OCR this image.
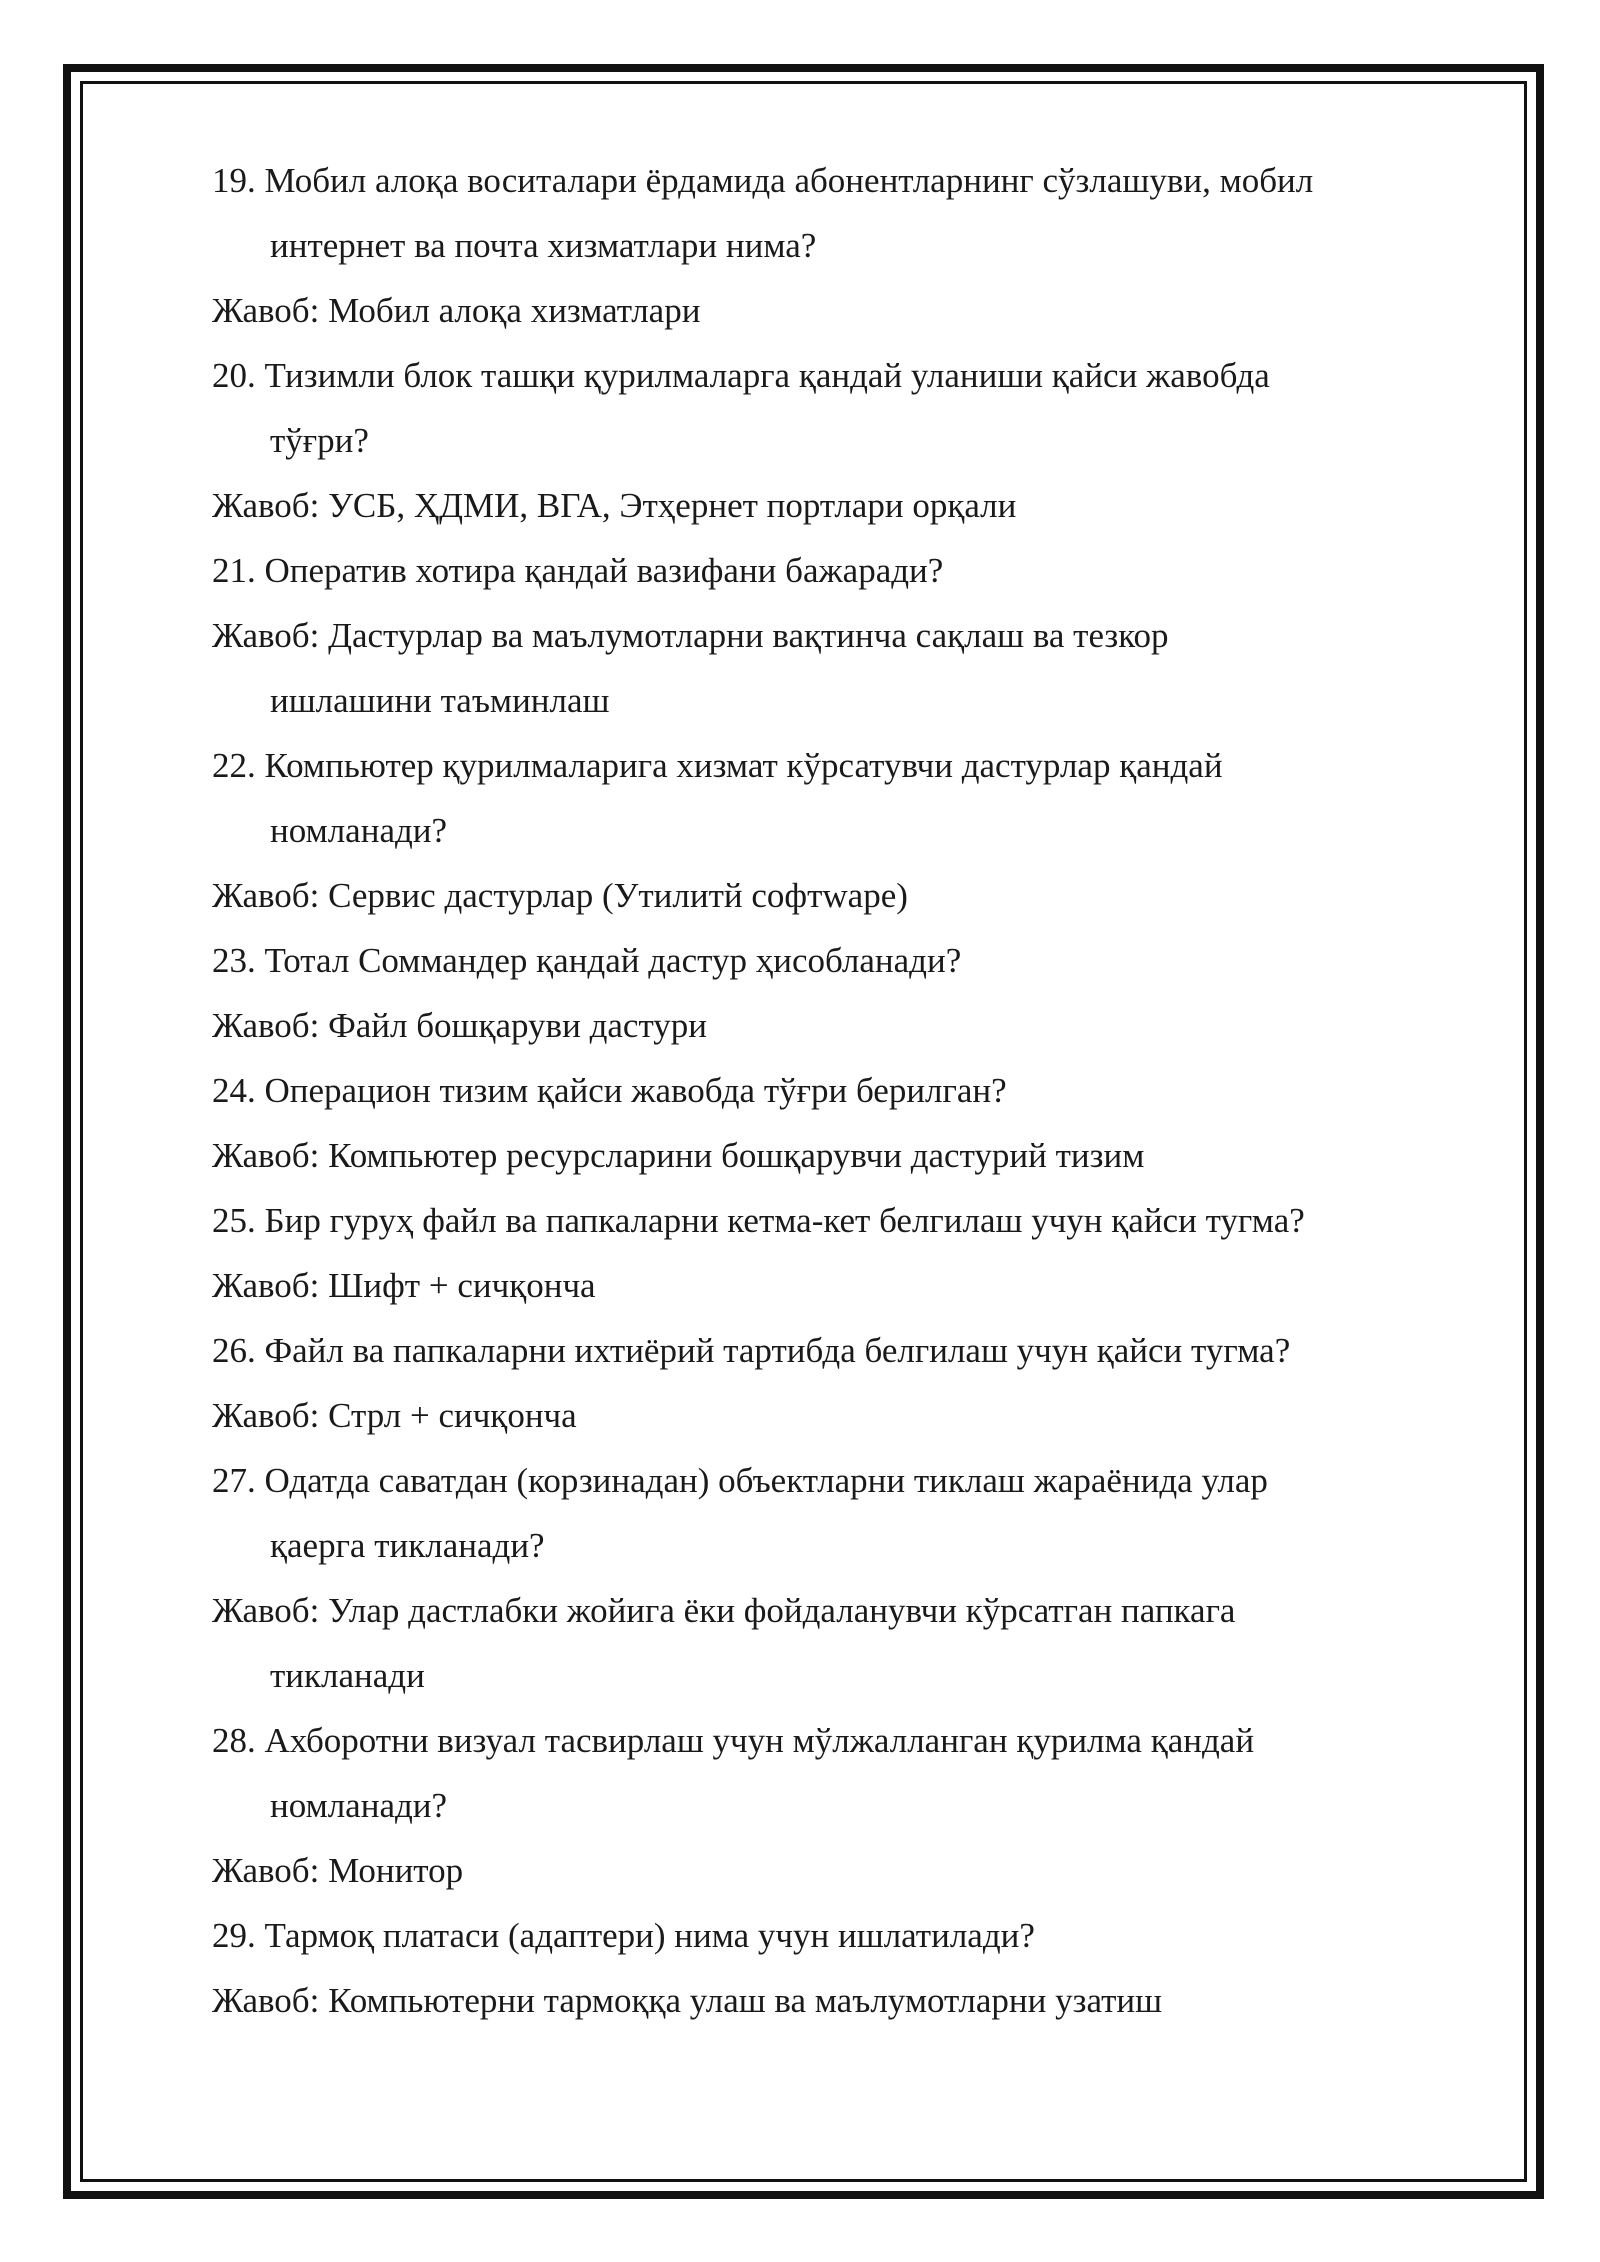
19. Мобил алоқа воситалари ёрдамида абонентларнинг сўзлашуви, мобил
интернет ва почта хизматлари нима?
Жавоб: Мобил алоқа хизматлари
20. Тизимли блок ташқи қурилмаларга қандай уланиши қайси жавобда
тўғри?
Жавоб: УСБ, ҲДМИ, ВГА, Этҳернет портлари орқали
21. Оператив хотира қандай вазифани бажаради?
Жавоб: Дастурлар ва маълумотларни вақтинча сақлаш ва тезкор
ишлашини таъминлаш
22. Компьютер қурилмаларига хизмат кўрсатувчи дастурлар қандай
номланади?
Жавоб: Сервис дастурлар (Утилитй софтwаре)
23. Тотал Соммандер қандай дастур ҳисобланади?
Жавоб: Файл бошқаруви дастури
24. Операцион тизим қайси жавобда тўғри берилган?
Жавоб: Компьютер ресурсларини бошқарувчи дастурий тизим
25. Бир гуруҳ файл ва папкаларни кетма-кет белгилаш учун қайси тугма?
Жавоб: Шифт + сичқонча
26. Файл ва папкаларни ихтиёрий тартибда белгилаш учун қайси тугма?
Жавоб: Стрл + сичқонча
27. Одатда саватдан (корзинадан) объектларни тиклаш жараёнида улар
қаерга тикланади?
Жавоб: Улар дастлабки жойига ёки фойдаланувчи кўрсатган папкага
тикланади
28. Ахборотни визуал тасвирлаш учун мўлжалланган қурилма қандай
номланади?
Жавоб: Монитор
29. Тармоқ платаси (адаптери) нима учун ишлатилади?
Жавоб: Компьютерни тармоққа улаш ва маълумотларни узатиш
